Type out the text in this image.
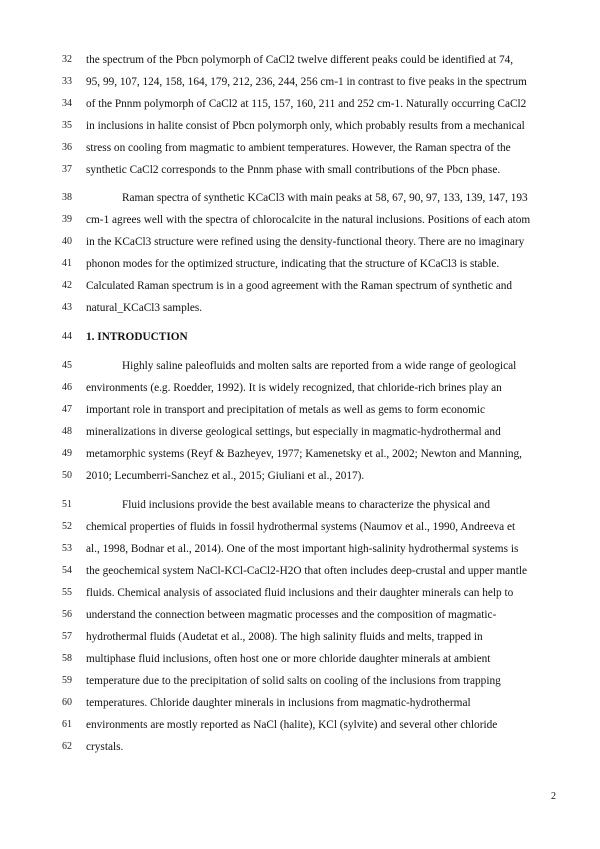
32 the spectrum of the Pbcn polymorph of CaCl2 twelve different peaks could be identified at 74,
33 95, 99, 107, 124, 158, 164, 179, 212, 236, 244, 256 cm-1 in contrast to five peaks in the spectrum
34 of the Pnnm polymorph of CaCl2 at 115, 157, 160, 211 and 252 cm-1. Naturally occurring CaCl2
35 in inclusions in halite consist of Pbcn polymorph only, which probably results from a mechanical
36 stress on cooling from magmatic to ambient temperatures. However, the Raman spectra of the
37 synthetic CaCl2 corresponds to the Pnnm phase with small contributions of the Pbcn phase.
38	Raman spectra of synthetic KCaCl3 with main peaks at 58, 67, 90, 97, 133, 139, 147, 193
39 cm-1 agrees well with the spectra of chlorocalcite in the natural inclusions. Positions of each atom
40 in the KCaCl3 structure were refined using the density-functional theory. There are no imaginary
41 phonon modes for the optimized structure, indicating that the structure of KCaCl3 is stable.
42 Calculated Raman spectrum is in a good agreement with the Raman spectrum of synthetic and
43 natural_KCaCl3 samples.
44 1. INTRODUCTION
45	Highly saline paleofluids and molten salts are reported from a wide range of geological
46 environments (e.g. Roedder, 1992). It is widely recognized, that chloride-rich brines play an
47 important role in transport and precipitation of metals as well as gems to form economic
48 mineralizations in diverse geological settings, but especially in magmatic-hydrothermal and
49 metamorphic systems (Reyf & Bazheyev, 1977; Kamenetsky et al., 2002; Newton and Manning,
50 2010; Lecumberri-Sanchez et al., 2015; Giuliani et al., 2017).
51	Fluid inclusions provide the best available means to characterize the physical and
52 chemical properties of fluids in fossil hydrothermal systems (Naumov et al., 1990, Andreeva et
53 al., 1998, Bodnar et al., 2014). One of the most important high-salinity hydrothermal systems is
54 the geochemical system NaCl-KCl-CaCl2-H2O that often includes deep-crustal and upper mantle
55 fluids. Chemical analysis of associated fluid inclusions and their daughter minerals can help to
56 understand the connection between magmatic processes and the composition of magmatic-
57 hydrothermal fluids (Audetat et al., 2008). The high salinity fluids and melts, trapped in
58 multiphase fluid inclusions, often host one or more chloride daughter minerals at ambient
59 temperature due to the precipitation of solid salts on cooling of the inclusions from trapping
60 temperatures. Chloride daughter minerals in inclusions from magmatic-hydrothermal
61 environments are mostly reported as NaCl (halite), KCl (sylvite) and several other chloride
62 crystals.
2
